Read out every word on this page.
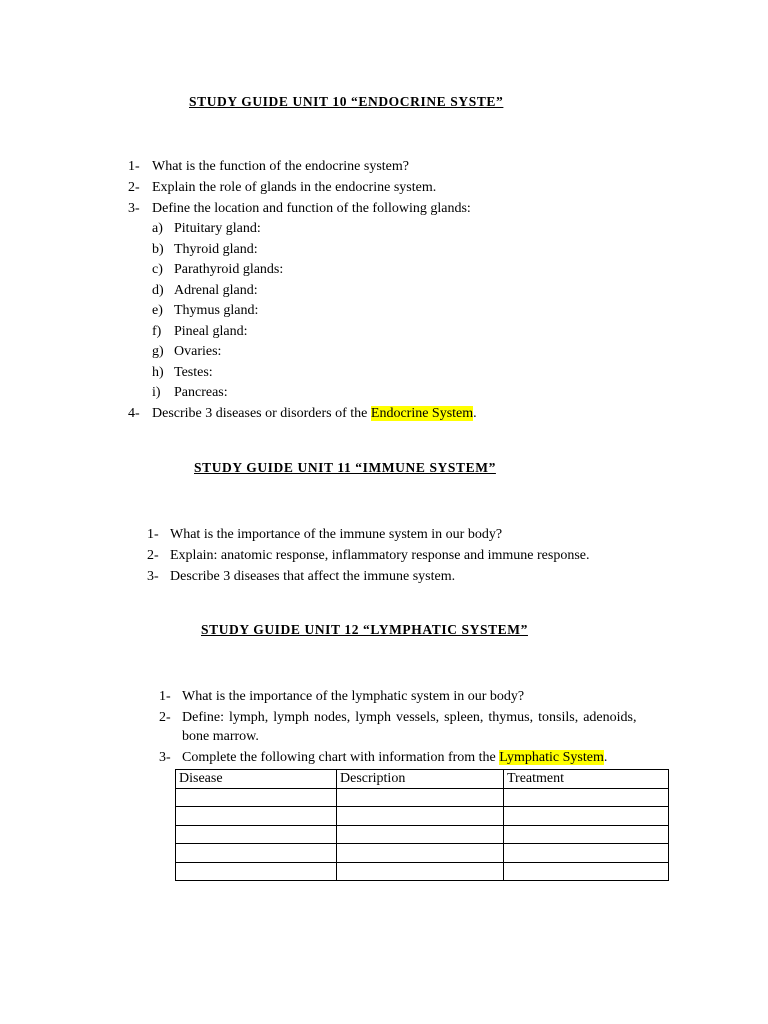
STUDY GUIDE UNIT 10 “ENDOCRINE SYSTE”
1- What is the function of the endocrine system?
2- Explain the role of glands in the endocrine system.
3- Define the location and function of the following glands:
a) Pituitary gland:
b) Thyroid gland:
c) Parathyroid glands:
d) Adrenal gland:
e) Thymus gland:
f) Pineal gland:
g) Ovaries:
h) Testes:
i) Pancreas:
4- Describe 3 diseases or disorders of the Endocrine System.
STUDY GUIDE UNIT 11 “IMMUNE SYSTEM”
1- What is the importance of the immune system in our body?
2- Explain: anatomic response, inflammatory response and immune response.
3- Describe 3 diseases that affect the immune system.
STUDY GUIDE UNIT 12 “LYMPHATIC SYSTEM”
1- What is the importance of the lymphatic system in our body?
2- Define: lymph, lymph nodes, lymph vessels, spleen, thymus, tonsils, adenoids,
bone marrow.
3- Complete the following chart with information from the Lymphatic System.
Disease	Description	Treatment
